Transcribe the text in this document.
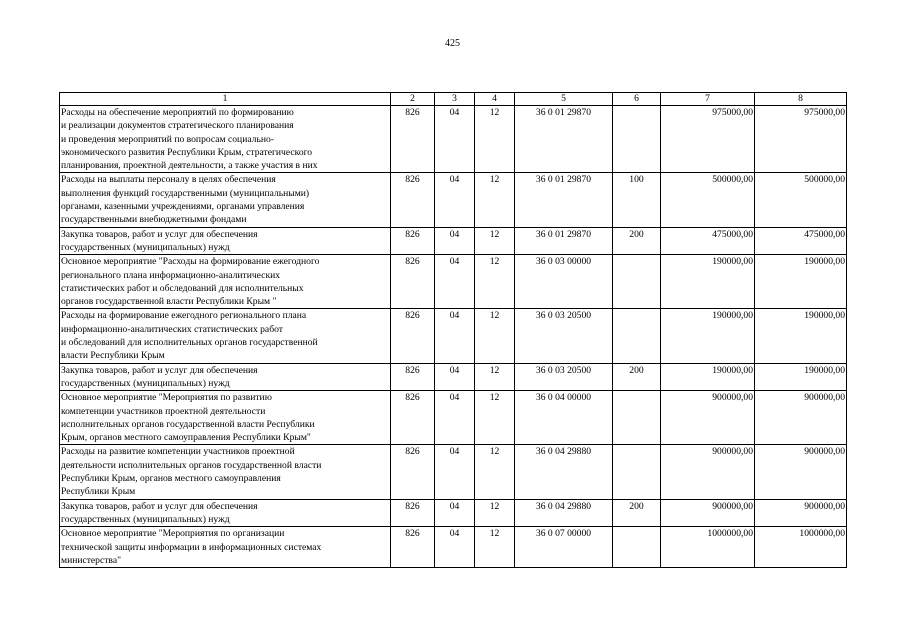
425
1	2	3	4	5	6	7	8
Расходы на обеспечение мероприятий по формированию
и реализации документов стратегического планирования
и проведения мероприятий по вопросам социально-
экономического развития Республики Крым, стратегического
планирования, проектной деятельности, а также участия в них	826	04	12	36 0 01 29870		975000,00	975000,00
Расходы на выплаты персоналу в целях обеспечения
выполнения функций государственными (муниципальными)
органами, казенными учреждениями, органами управления
государственными внебюджетными фондами	826	04	12	36 0 01 29870	100	500000,00	500000,00
Закупка товаров, работ и услуг для обеспечения
государственных (муниципальных) нужд	826	04	12	36 0 01 29870	200	475000,00	475000,00
Основное мероприятие "Расходы на формирование ежегодного
регионального плана информационно-аналитических
статистических работ и обследований для исполнительных
органов государственной власти Республики Крым "	826	04	12	36 0 03 00000		190000,00	190000,00
Расходы на формирование ежегодного регионального плана
информационно-аналитических статистических работ
и обследований для исполнительных органов государственной
власти Республики Крым	826	04	12	36 0 03 20500		190000,00	190000,00
Закупка товаров, работ и услуг для обеспечения
государственных (муниципальных) нужд	826	04	12	36 0 03 20500	200	190000,00	190000,00
Основное мероприятие "Мероприятия по развитию
компетенции участников проектной деятельности
исполнительных органов государственной власти Республики
Крым, органов местного самоуправления Республики Крым"	826	04	12	36 0 04 00000		900000,00	900000,00
Расходы на развитие компетенции участников проектной
деятельности исполнительных органов государственной власти
Республики Крым, органов местного самоуправления
Республики Крым	826	04	12	36 0 04 29880		900000,00	900000,00
Закупка товаров, работ и услуг для обеспечения
государственных (муниципальных) нужд	826	04	12	36 0 04 29880	200	900000,00	900000,00
Основное мероприятие "Мероприятия по организации
технической защиты информации в информационных системах
министерства"	826	04	12	36 0 07 00000		1000000,00	1000000,00
